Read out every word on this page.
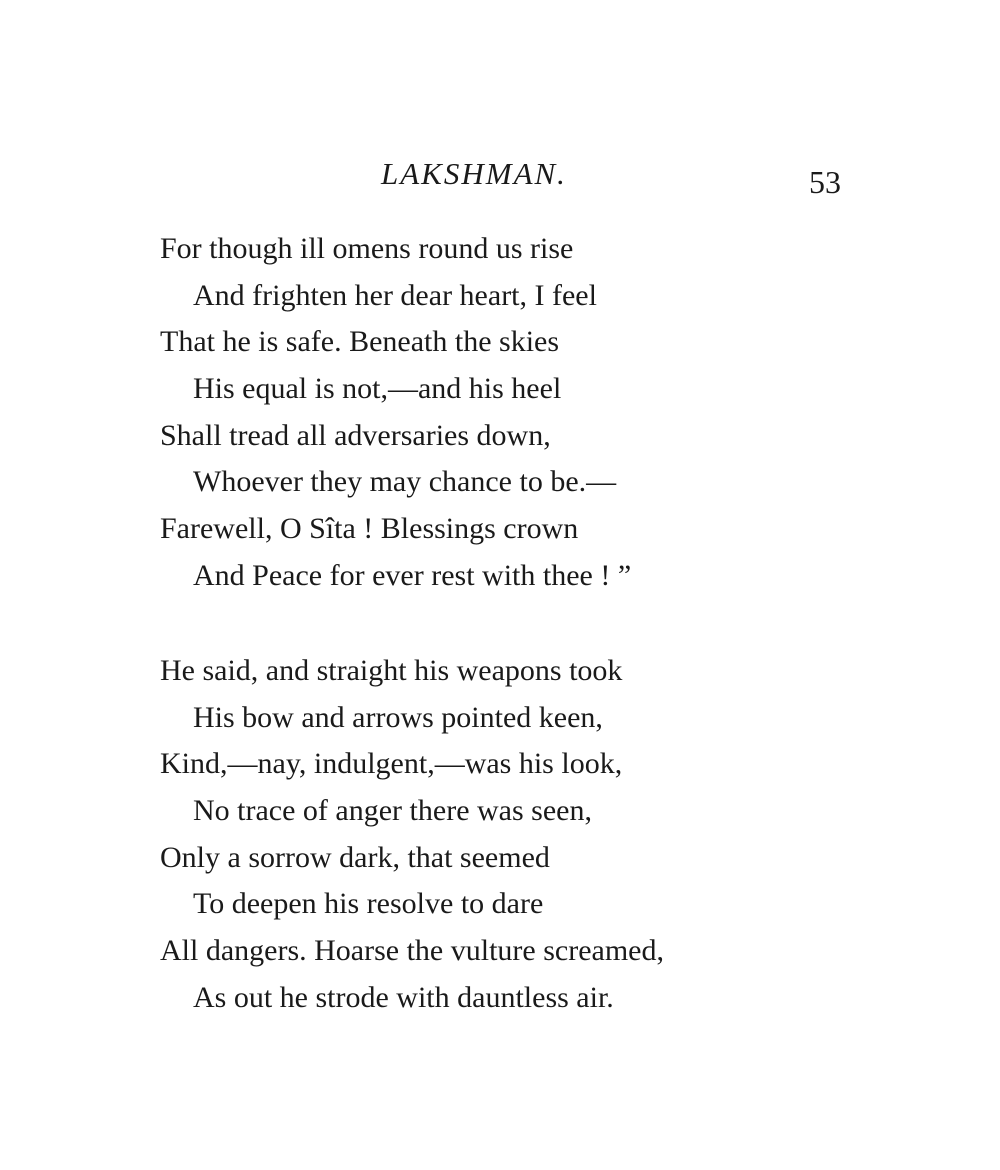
LAKSHMAN.	53
For though ill omens round us rise
And frighten her dear heart, I feel
That he is safe. Beneath the skies
His equal is not,—and his heel
Shall tread all adversaries down,
Whoever they may chance to be.—
Farewell, O Sîta ! Blessings crown
And Peace for ever rest with thee ! ”
He said, and straight his weapons took
His bow and arrows pointed keen,
Kind,—nay, indulgent,—was his look,
No trace of anger there was seen,
Only a sorrow dark, that seemed
To deepen his resolve to dare
All dangers. Hoarse the vulture screamed,
As out he strode with dauntless air.
